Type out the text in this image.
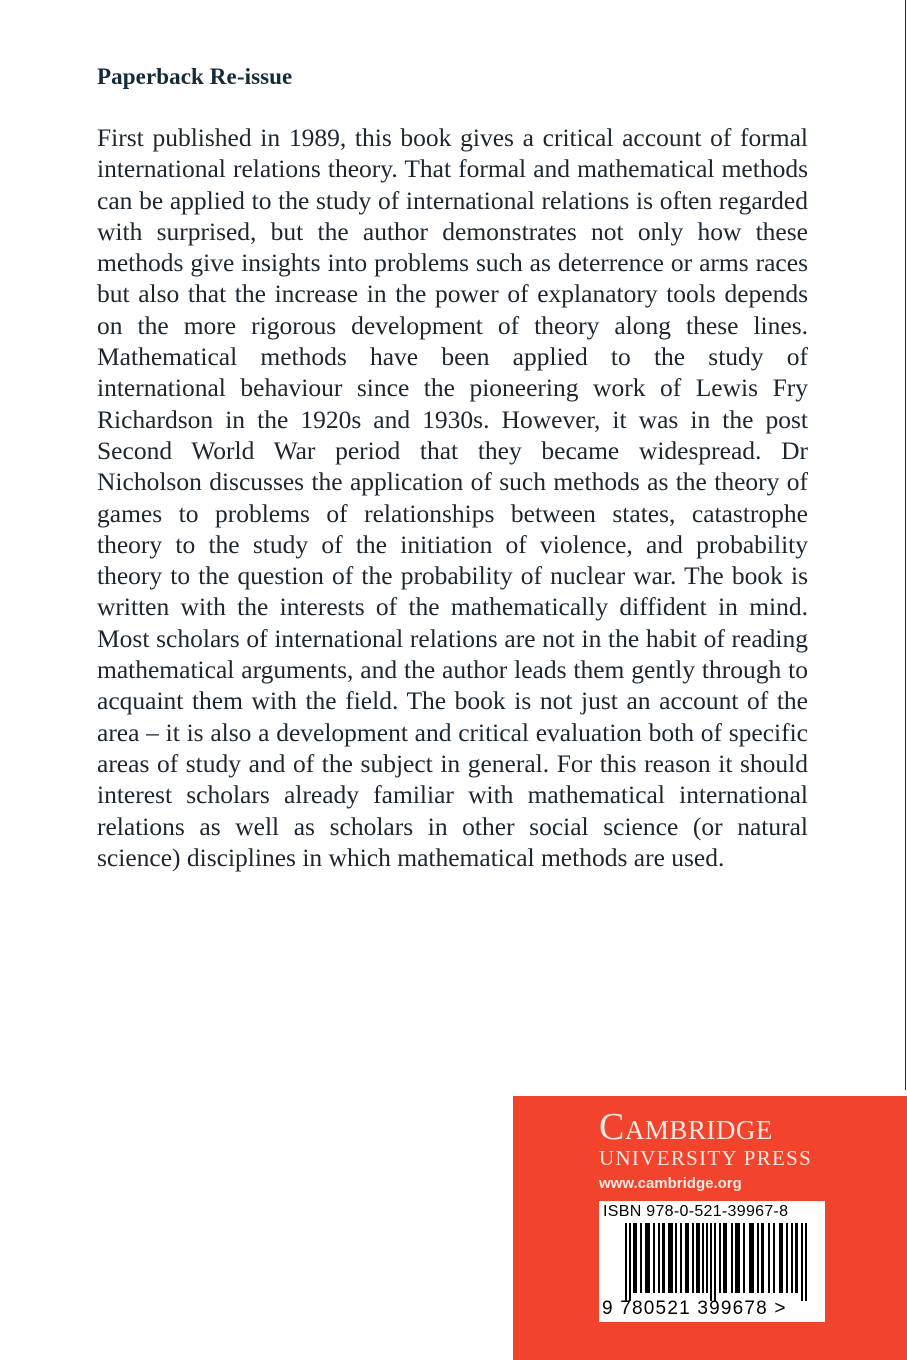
Paperback Re-issue

First published in 1989, this book gives a critical account of formal international relations theory. That formal and mathematical methods can be applied to the study of international relations is often regarded with surprised, but the author demonstrates not only how these methods give insights into problems such as deterrence or arms races but also that the increase in the power of explanatory tools depends on the more rigorous development of theory along these lines. Mathematical methods have been applied to the study of international behaviour since the pioneering work of Lewis Fry Richardson in the 1920s and 1930s. However, it was in the post Second World War period that they became widespread. Dr Nicholson discusses the application of such methods as the theory of games to problems of relationships between states, catastrophe theory to the study of the initiation of violence, and probability theory to the question of the probability of nuclear war. The book is written with the interests of the mathematically diffident in mind. Most scholars of international relations are not in the habit of reading mathematical arguments, and the author leads them gently through to acquaint them with the field. The book is not just an account of the area – it is also a development and critical evaluation both of specific areas of study and of the subject in general. For this reason it should interest scholars already familiar with mathematical international relations as well as scholars in other social science (or natural science) disciplines in which mathematical methods are used.

Cambridge
UNIVERSITY PRESS
www.cambridge.org
ISBN 978-0-521-39967-8
9 780521 399678 >
